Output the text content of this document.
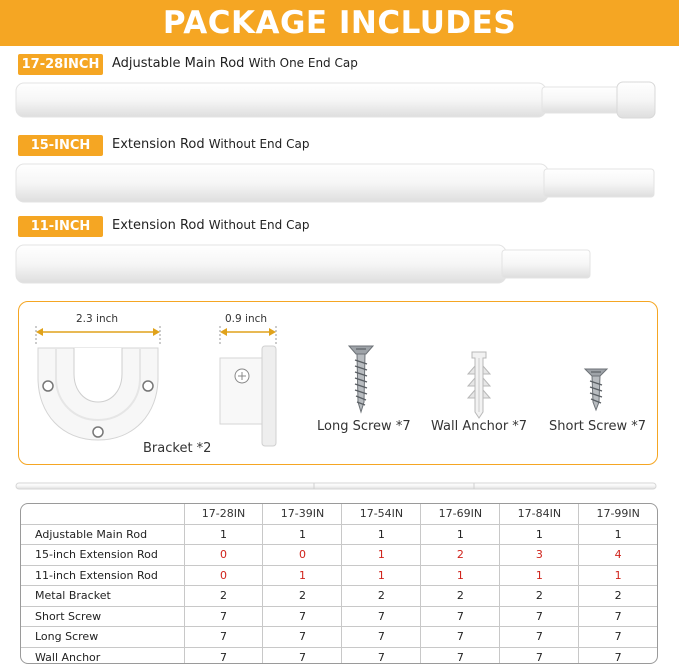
PACKAGE INCLUDES
17-28INCH Adjustable Main Rod With One End Cap
15-INCH	Extension Rod Without End Cap
11-INCH	Extension Rod Without End Cap
2.3 inch	0.9 inch
Bracket *2
Long Screw *7 Wall Anchor *7 Short Screw *7
	17-28IN	17-39IN	17-54IN	17-69IN	17-84IN	17-99IN
Adjustable Main Rod	1	1	1	1	1	1
15-inch Extension Rod	0	0	1	2	3	4
11-inch Extension Rod	0	1	1	1	1	1
Metal Bracket	2	2	2	2	2	2
Short Screw	7	7	7	7	7	7
Long Screw	7	7	7	7	7	7
Wall Anchor	7	7	7	7	7	7
